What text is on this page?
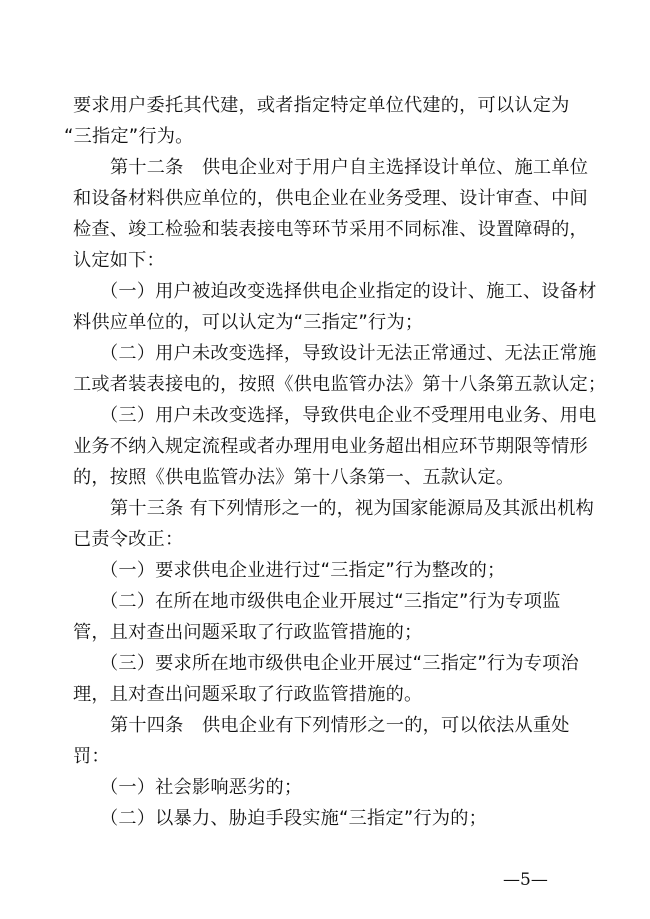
要求用户委托其代建，或者指定特定单位代建的，可以认定为
“三指定”行为。
第十二条　供电企业对于用户自主选择设计单位、施工单位
和设备材料供应单位的，供电企业在业务受理、设计审查、中间
检查、竣工检验和装表接电等环节采用不同标准、设置障碍的，
认定如下：
（一）用户被迫改变选择供电企业指定的设计、施工、设备材
料供应单位的，可以认定为“三指定”行为；
（二）用户未改变选择，导致设计无法正常通过、无法正常施
工或者装表接电的，按照《供电监管办法》第十八条第五款认定；
（三）用户未改变选择，导致供电企业不受理用电业务、用电
业务不纳入规定流程或者办理用电业务超出相应环节期限等情形
的，按照《供电监管办法》第十八条第一、五款认定。
第十三条 有下列情形之一的，视为国家能源局及其派出机构
已责令改正：
（一）要求供电企业进行过“三指定”行为整改的；
（二）在所在地市级供电企业开展过“三指定”行为专项监
管，且对查出问题采取了行政监管措施的；
（三）要求所在地市级供电企业开展过“三指定”行为专项治
理，且对查出问题采取了行政监管措施的。
第十四条　供电企业有下列情形之一的，可以依法从重处
罚：
（一）社会影响恶劣的；
（二）以暴力、胁迫手段实施“三指定”行为的；
—5—
